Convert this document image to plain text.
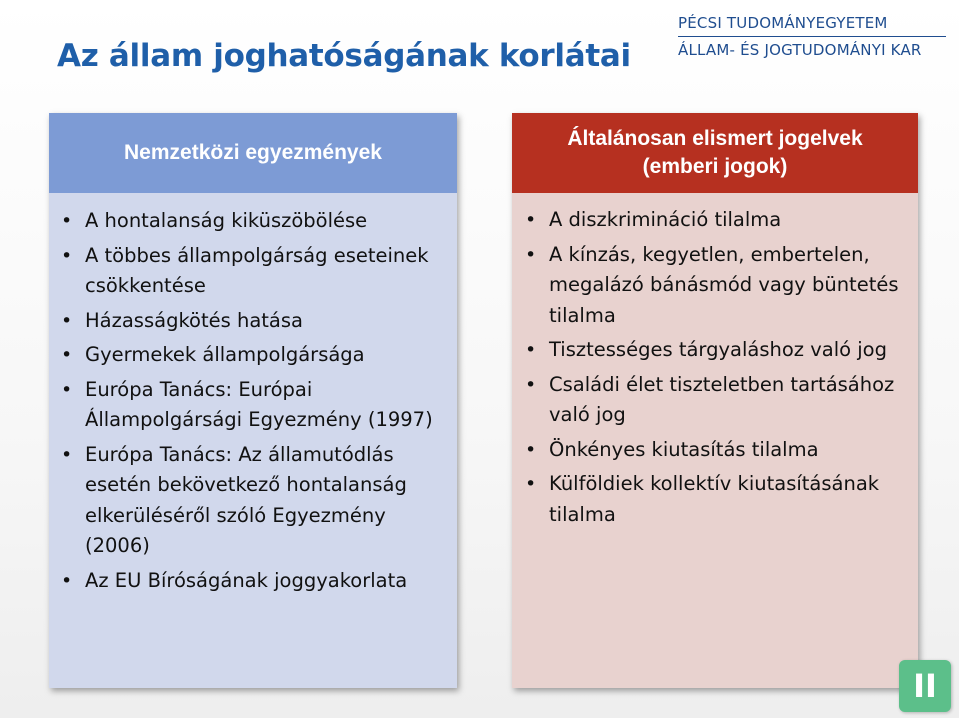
Az állam joghatóságának korlátai
PÉCSI TUDOMÁNYEGYETEM
ÁLLAM- ÉS JOGTUDOMÁNYI KAR
Nemzetközi egyezmények
• A hontalanság kiküszöbölése
• A többes állampolgárság eseteinek csökkentése
• Házasságkötés hatása
• Gyermekek állampolgársága
• Európa Tanács: Európai Állampolgársági Egyezmény (1997)
• Európa Tanács: Az államutódlás esetén bekövetkező hontalanság elkerüléséről szóló Egyezmény (2006)
• Az EU Bíróságának joggyakorlata
Általánosan elismert jogelvek
(emberi jogok)
• A diszkrimináció tilalma
• A kínzás, kegyetlen, embertelen, megalázó bánásmód vagy büntetés tilalma
• Tisztességes tárgyaláshoz való jog
• Családi élet tiszteletben tartásához való jog
• Önkényes kiutasítás tilalma
• Külföldiek kollektív kiutasításának tilalma
II
